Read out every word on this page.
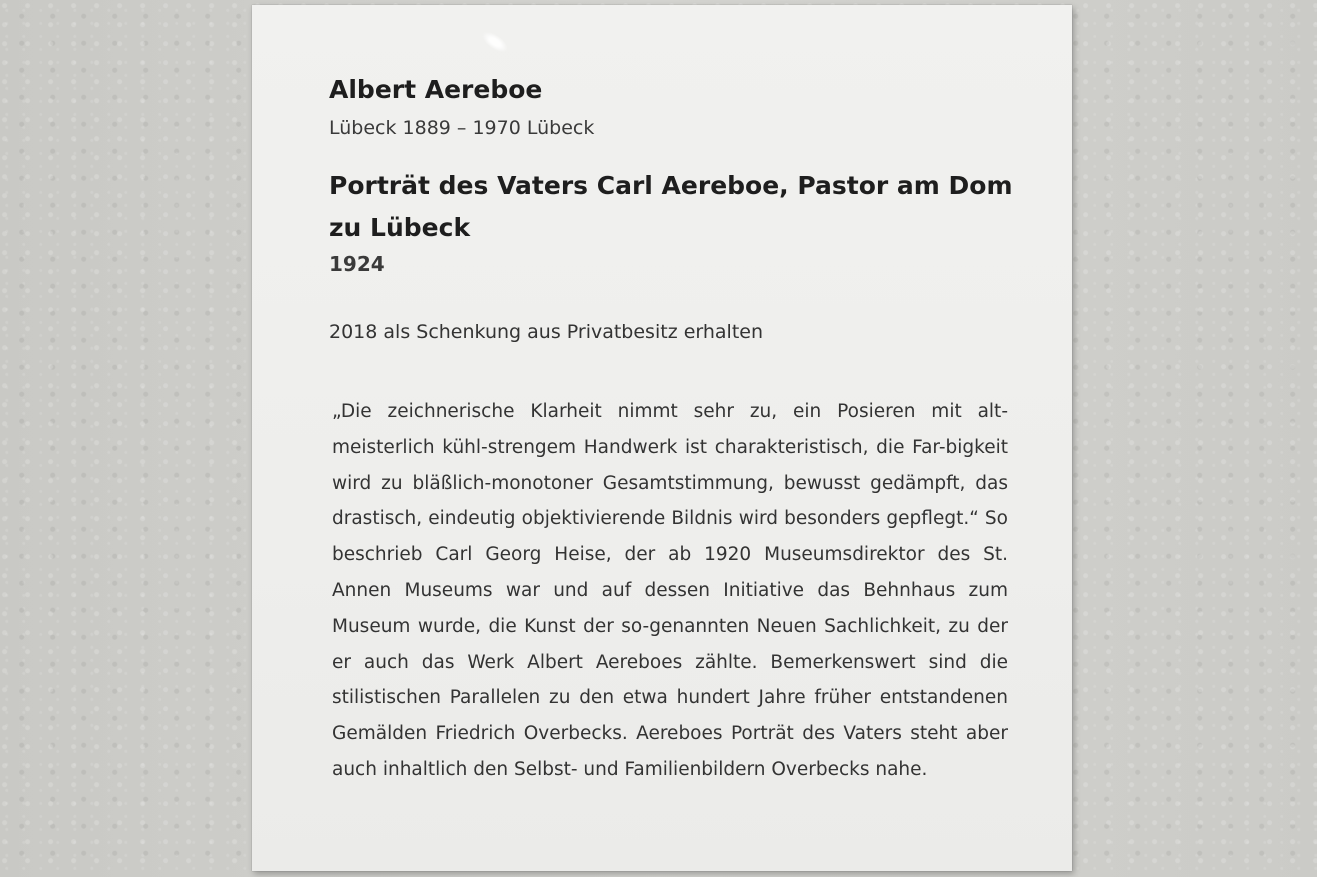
Albert Aereboe

Lübeck 1889 – 1970 Lübeck

Porträt des Vaters Carl Aereboe, Pastor am Dom zu Lübeck

1924

2018 als Schenkung aus Privatbesitz erhalten

„Die zeichnerische Klarheit nimmt sehr zu, ein Posieren mit alt-meisterlich kühl-strengem Handwerk ist charakteristisch, die Far-bigkeit wird zu bläßlich-monotoner Gesamtstimmung, bewusst gedämpft, das drastisch, eindeutig objektivierende Bildnis wird besonders gepflegt.“ So beschrieb Carl Georg Heise, der ab 1920 Museumsdirektor des St. Annen Museums war und auf dessen Initiative das Behnhaus zum Museum wurde, die Kunst der so-genannten Neuen Sachlichkeit, zu der er auch das Werk Albert Aereboes zählte. Bemerkenswert sind die stilistischen Parallelen zu den etwa hundert Jahre früher entstandenen Gemälden Friedrich Overbecks. Aereboes Porträt des Vaters steht aber auch inhaltlich den Selbst- und Familienbildern Overbecks nahe.
